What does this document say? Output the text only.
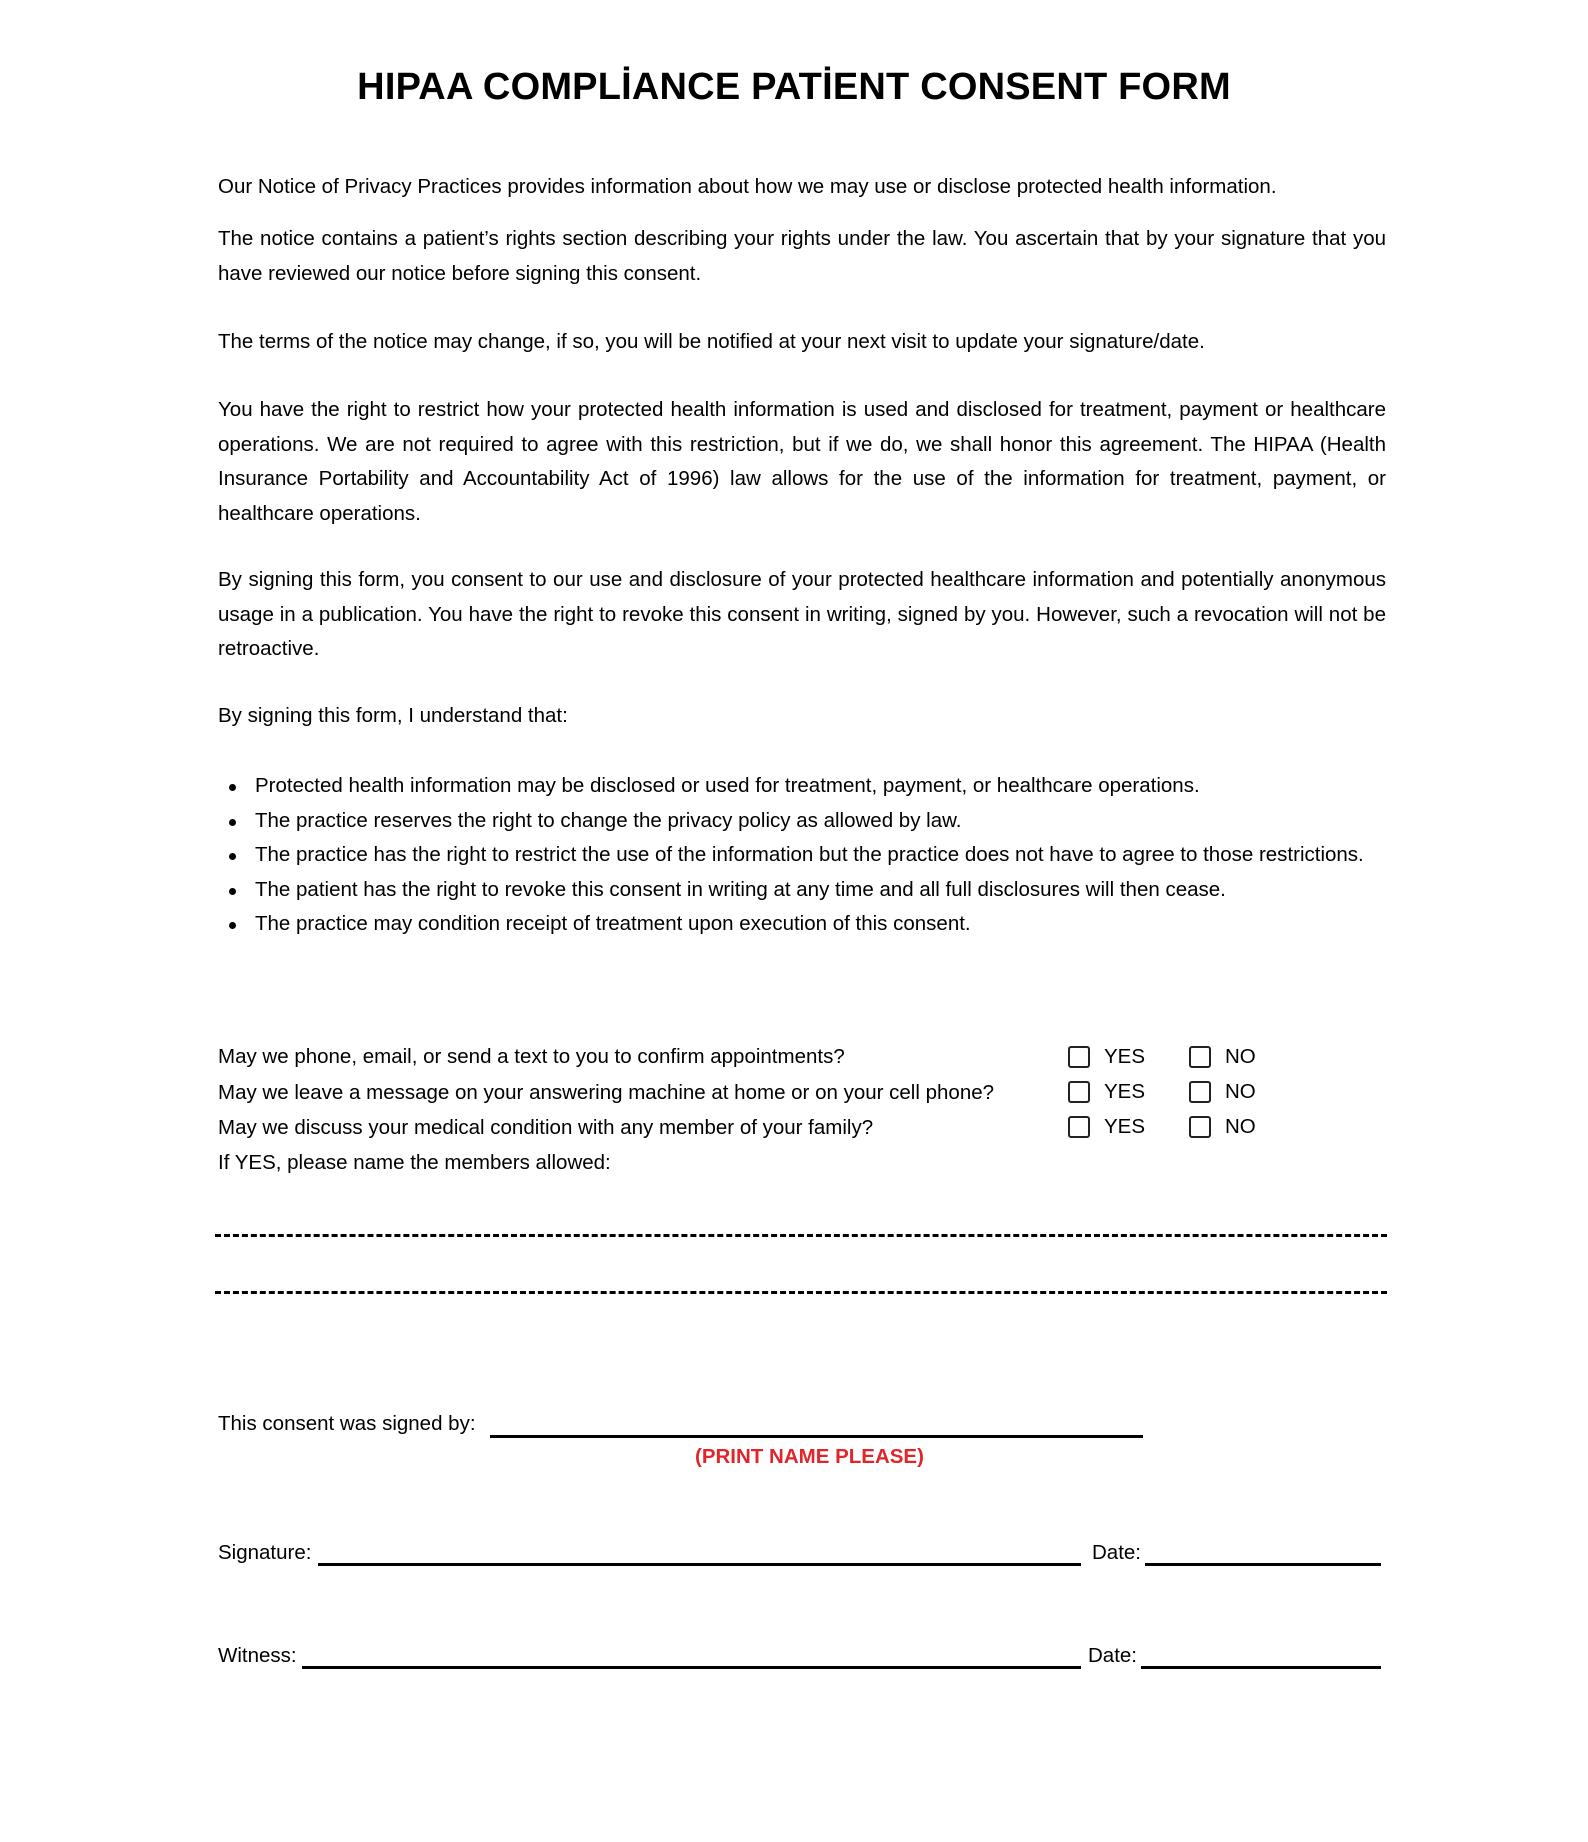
HIPAA COMPLİANCE PATİENT CONSENT FORM

Our Notice of Privacy Practices provides information about how we may use or disclose protected health information.

The notice contains a patient’s rights section describing your rights under the law. You ascertain that by your signature that you have reviewed our notice before signing this consent.

The terms of the notice may change, if so, you will be notified at your next visit to update your signature/date.

You have the right to restrict how your protected health information is used and disclosed for treatment, payment or healthcare operations. We are not required to agree with this restriction, but if we do, we shall honor this agreement. The HIPAA (Health Insurance Portability and Accountability Act of 1996) law allows for the use of the information for treatment, payment, or healthcare operations.

By signing this form, you consent to our use and disclosure of your protected healthcare information and potentially anonymous usage in a publication. You have the right to revoke this consent in writing, signed by you. However, such a revocation will not be retroactive.

By signing this form, I understand that:

Protected health information may be disclosed or used for treatment, payment, or healthcare operations.
The practice reserves the right to change the privacy policy as allowed by law.
The practice has the right to restrict the use of the information but the practice does not have to agree to those restrictions.
The patient has the right to revoke this consent in writing at any time and all full disclosures will then cease.
The practice may condition receipt of treatment upon execution of this consent.
May we phone, email, or send a text to you to confirm appointments?	YES	NO
May we leave a message on your answering machine at home or on your cell phone?	YES	NO
May we discuss your medical condition with any member of your family?	YES	NO
If YES, please name the members allowed:
This consent was signed by:
(PRINT NAME PLEASE)
Signature:	Date:
Witness:	Date:
